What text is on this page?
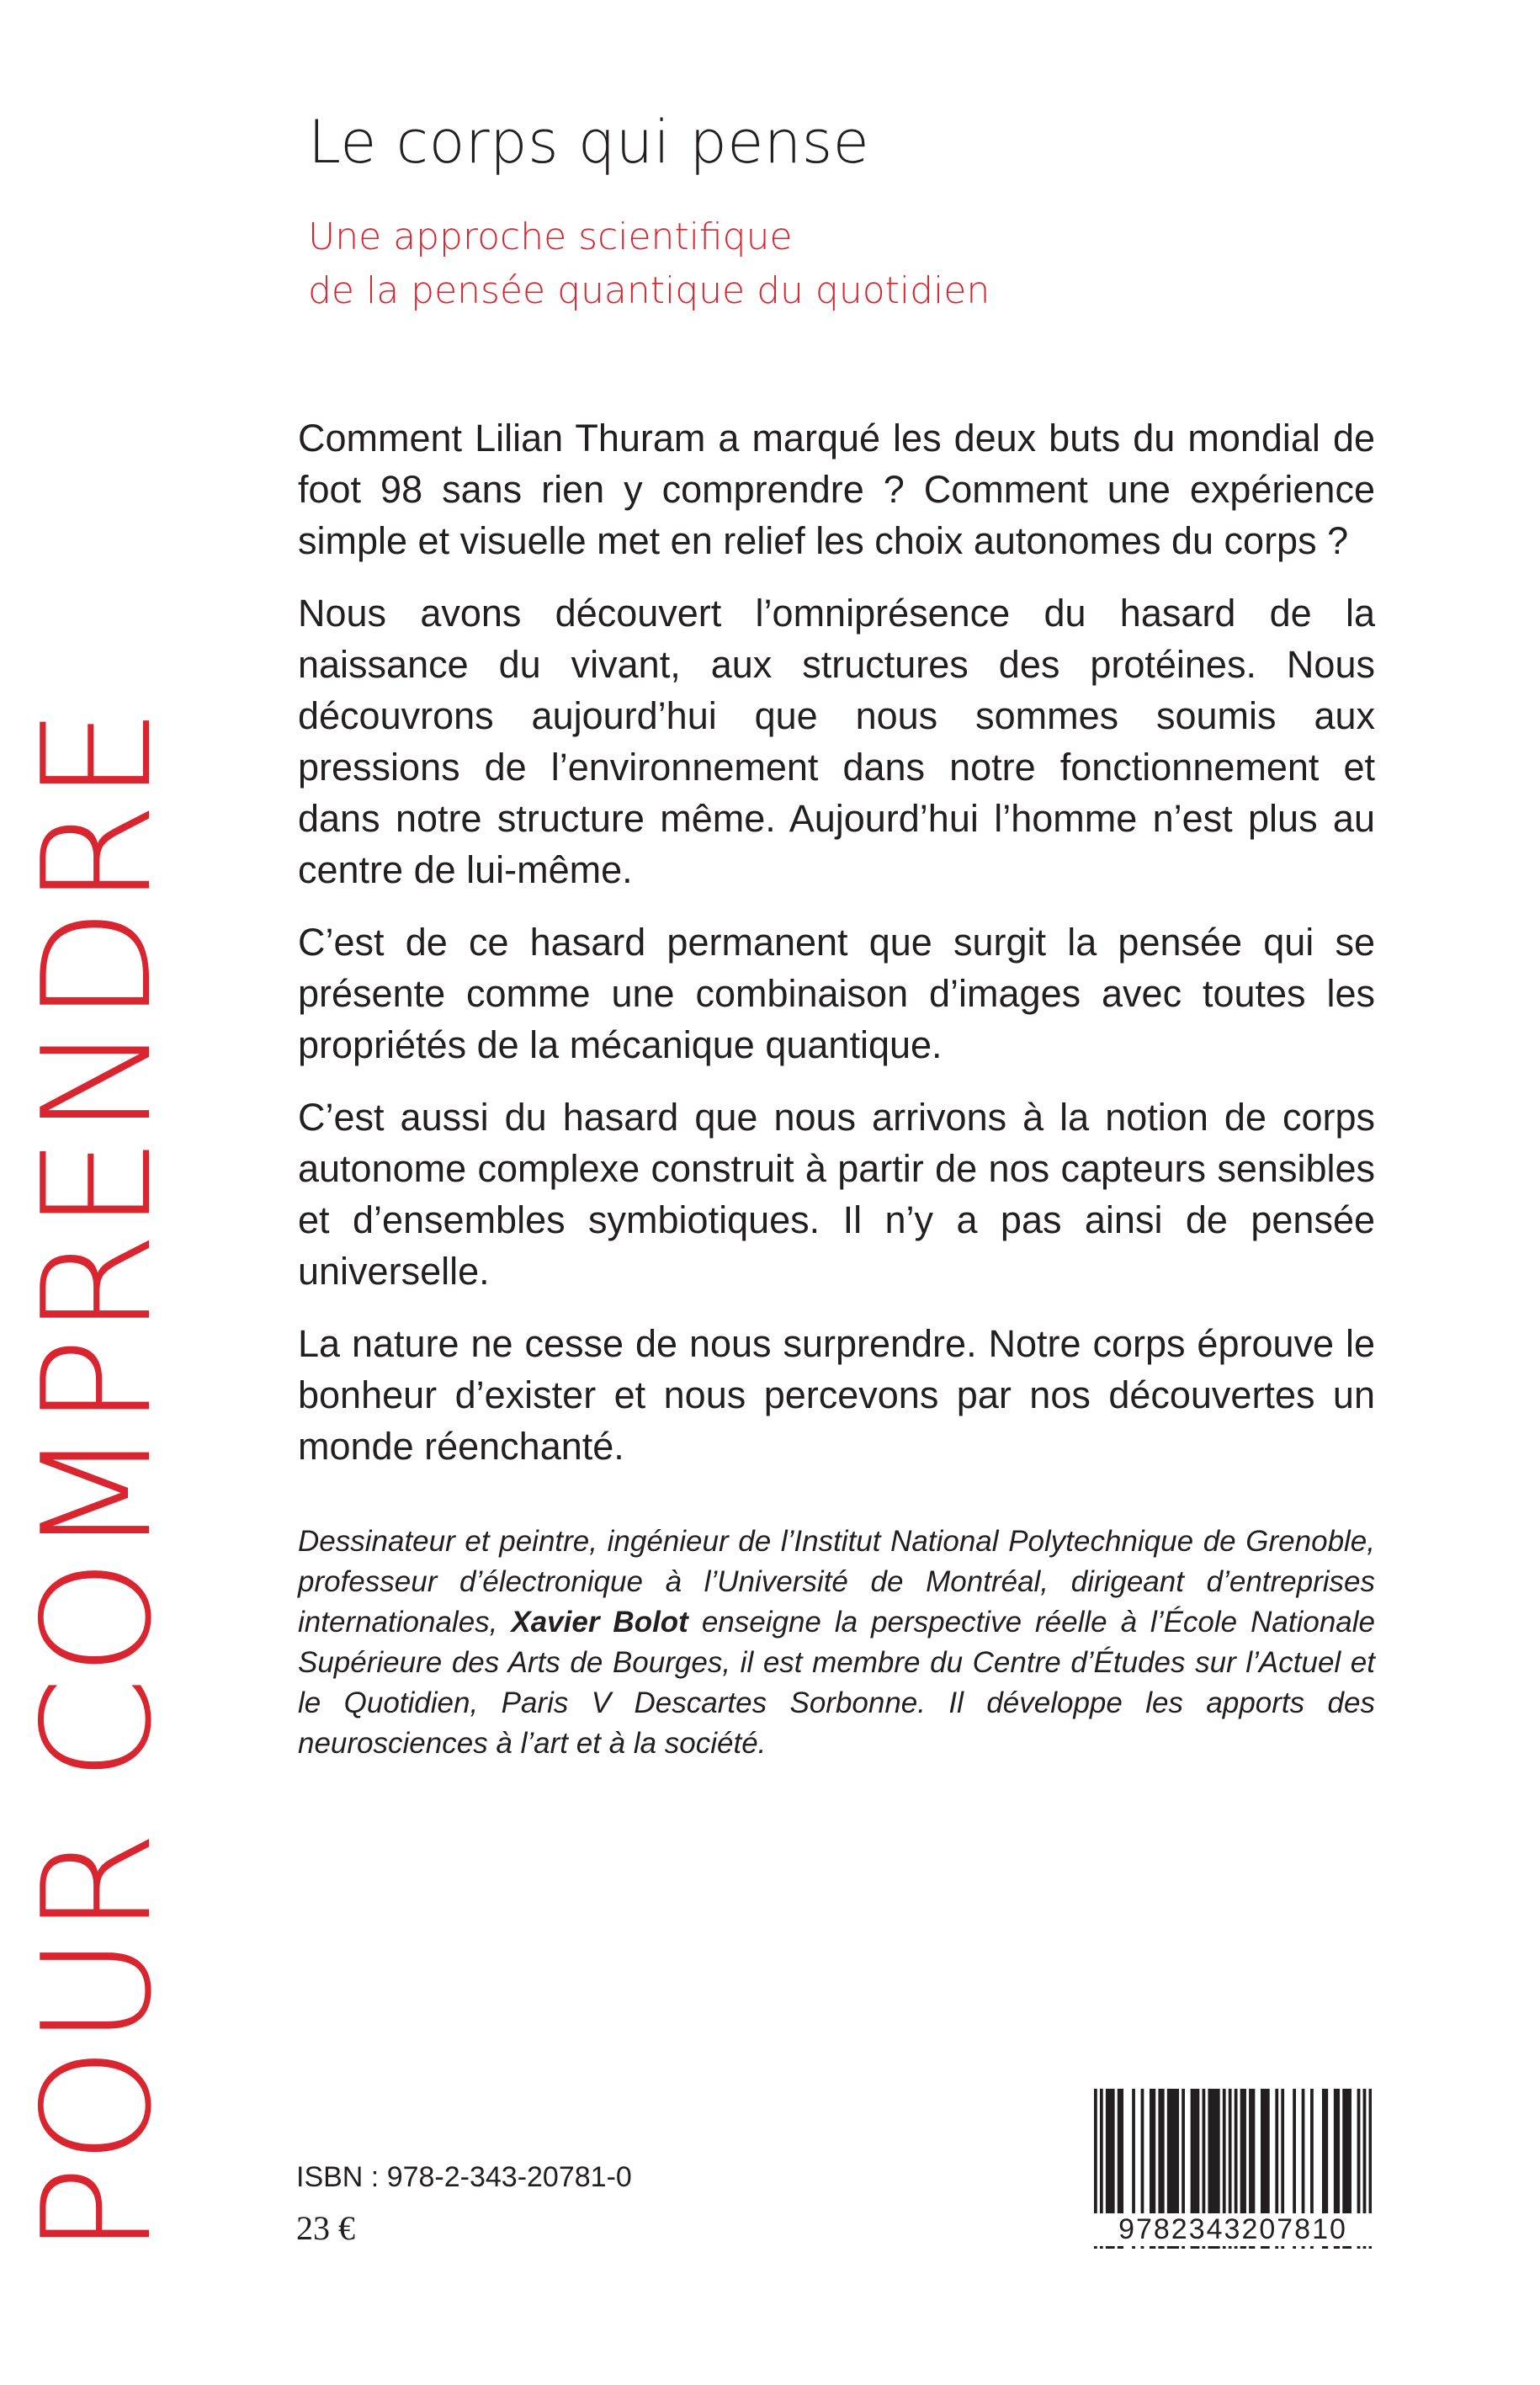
Le corps qui pense
Une approche scientifique
de la pensée quantique du quotidien

Comment Lilian Thuram a marqué les deux buts du mondial de foot 98 sans rien y comprendre ? Comment une expérience simple et visuelle met en relief les choix autonomes du corps ?

Nous avons découvert l’omniprésence du hasard de la naissance du vivant, aux structures des protéines. Nous découvrons aujourd’hui que nous sommes soumis aux pressions de l’environnement dans notre fonctionnement et dans notre structure même. Aujourd’hui l’homme n’est plus au centre de lui-même.

C’est de ce hasard permanent que surgit la pensée qui se présente comme une combinaison d’images avec toutes les propriétés de la mécanique quantique.

C’est aussi du hasard que nous arrivons à la notion de corps autonome complexe construit à partir de nos capteurs sensibles et d’ensembles symbiotiques. Il n’y a pas ainsi de pensée universelle.

La nature ne cesse de nous surprendre. Notre corps éprouve le bonheur d’exister et nous percevons par nos découvertes un monde réenchanté.

Dessinateur et peintre, ingénieur de l’Institut National Polytechnique de Grenoble, professeur d’électronique à l’Université de Montréal, dirigeant d’entreprises internationales, Xavier Bolot enseigne la perspective réelle à l’École Nationale Supérieure des Arts de Bourges, il est membre du Centre d’Études sur l’Actuel et le Quotidien, Paris V Descartes Sorbonne. Il développe les apports des neurosciences à l’art et à la société.
POUR COMPRENDRE	ISBN : 978-2-343-20781-0
23 €	9782343207810
